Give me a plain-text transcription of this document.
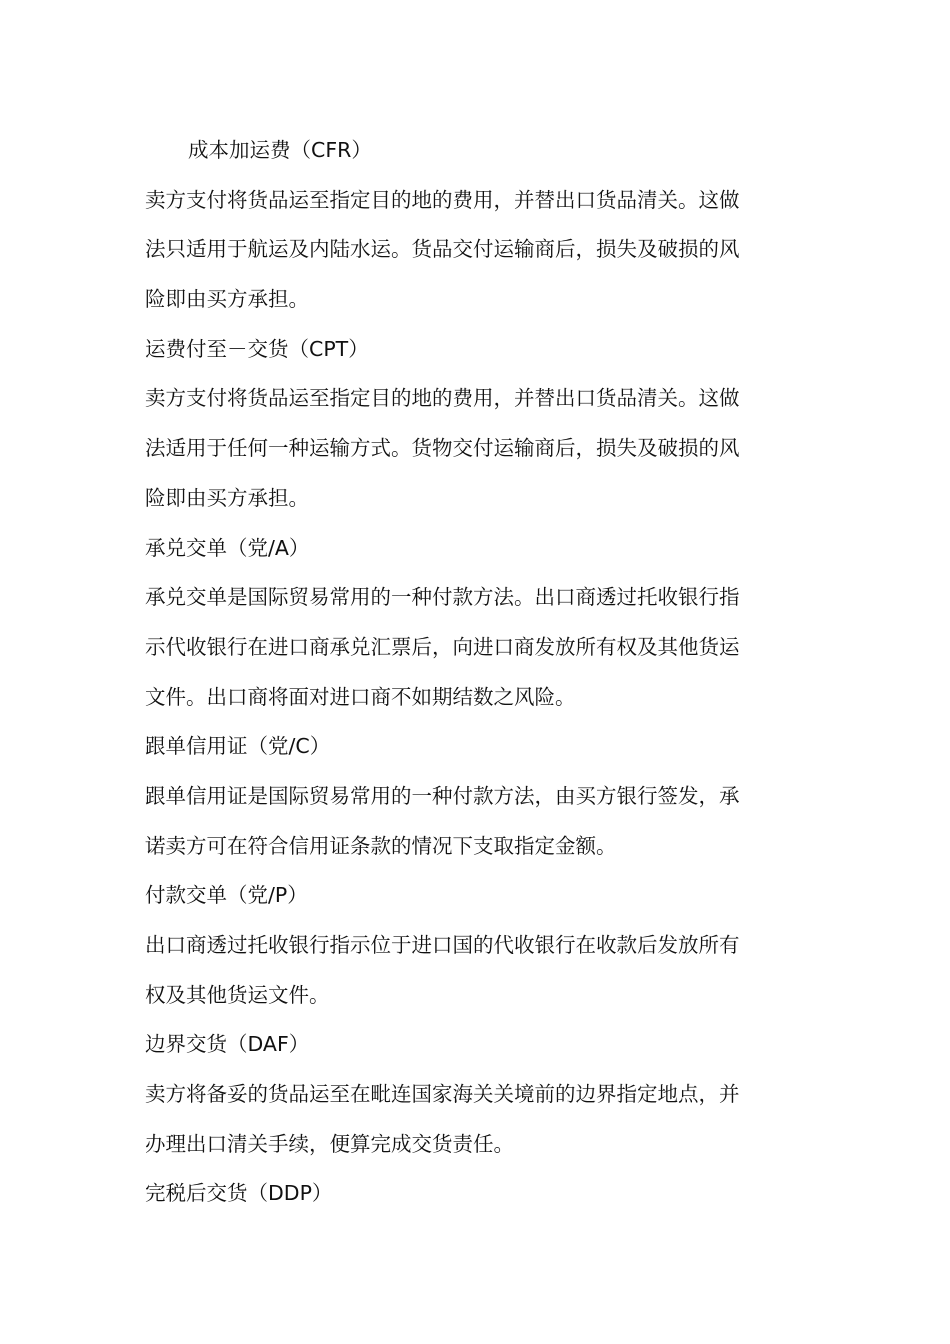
成本加运费（CFR）
卖方支付将货品运至指定目的地的费用，并替出口货品清关。这做
法只适用于航运及内陆水运。货品交付运输商后，损失及破损的风
险即由买方承担。
运费付至－交货（CPT）
卖方支付将货品运至指定目的地的费用，并替出口货品清关。这做
法适用于任何一种运输方式。货物交付运输商后，损失及破损的风
险即由买方承担。
承兑交单（党/A）
承兑交单是国际贸易常用的一种付款方法。出口商透过托收银行指
示代收银行在进口商承兑汇票后，向进口商发放所有权及其他货运
文件。出口商将面对进口商不如期结数之风险。
跟单信用证（党/C）
跟单信用证是国际贸易常用的一种付款方法，由买方银行签发，承
诺卖方可在符合信用证条款的情况下支取指定金额。
付款交单（党/P）
出口商透过托收银行指示位于进口国的代收银行在收款后发放所有
权及其他货运文件。
边界交货（DAF）
卖方将备妥的货品运至在毗连国家海关关境前的边界指定地点，并
办理出口清关手续，便算完成交货责任。
完税后交货（DDP）
